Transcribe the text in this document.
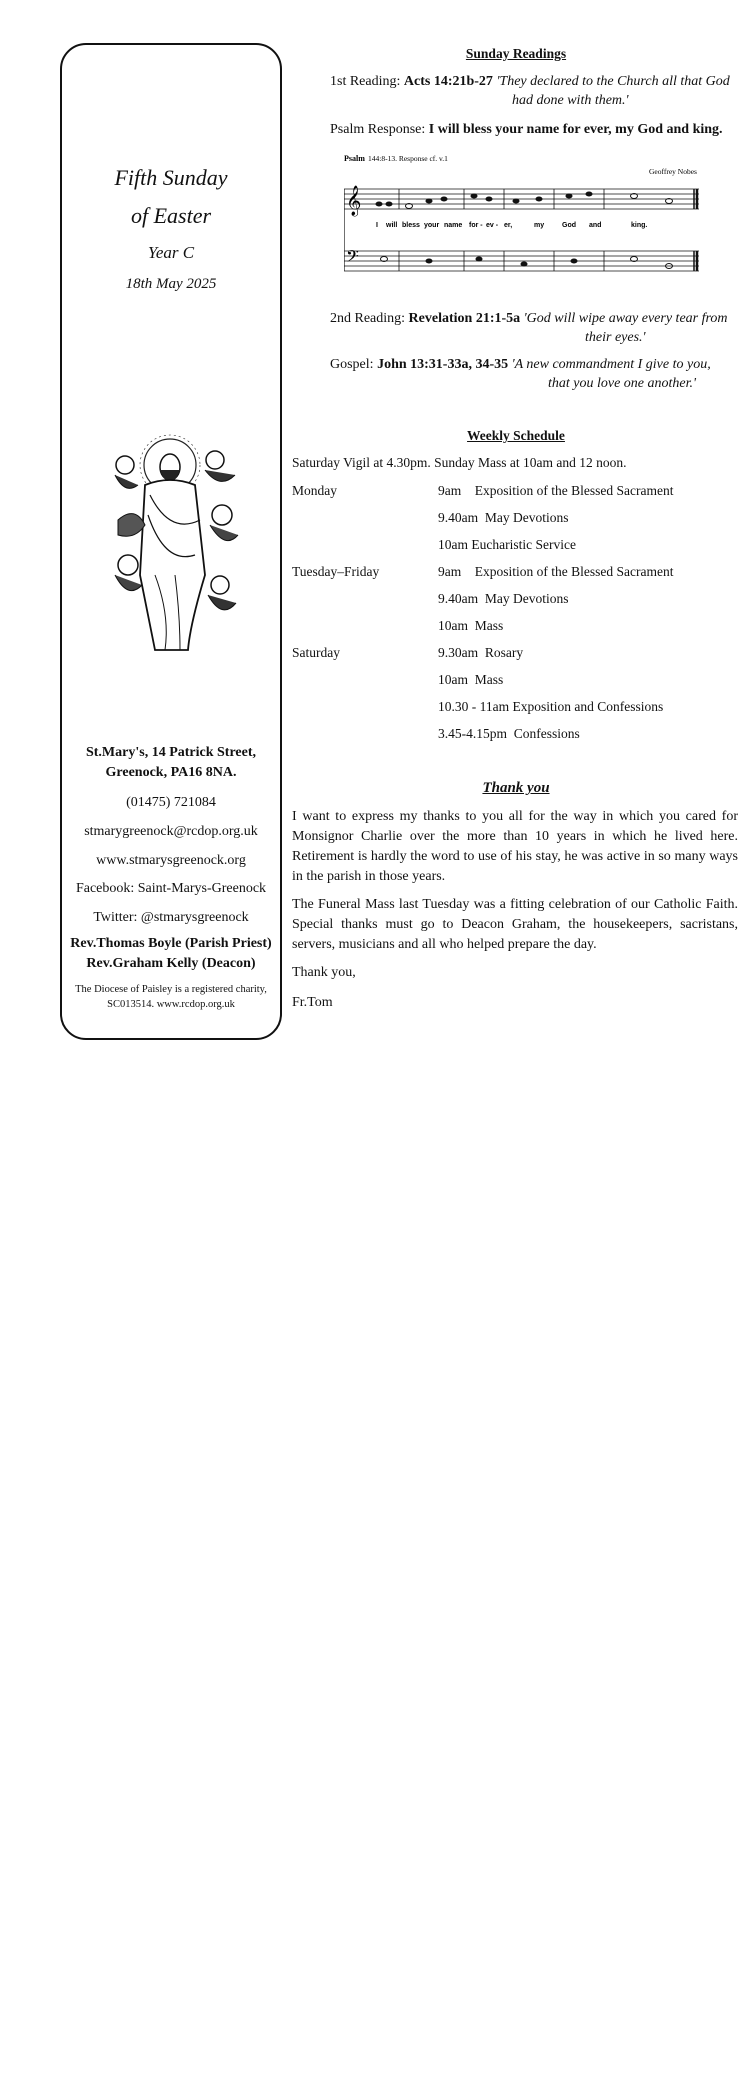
Fifth Sunday
of Easter
Year C
18th May 2025
St.Mary's, 14 Patrick Street,
Greenock, PA16 8NA.
(01475) 721084
stmarygreenock@rcdop.org.uk
www.stmarysgreenock.org
Facebook: Saint-Marys-Greenock
Twitter: @stmarysgreenock
Rev.Thomas Boyle (Parish Priest)
Rev.Graham Kelly (Deacon)
The Diocese of Paisley is a registered charity,
SC013514. www.rcdop.org.uk
Sunday Readings
1st Reading: Acts 14:21b-27 'They declared to the Church all that God
had done with them.'
Psalm Response: I will bless your name for ever, my God and king.
Psalm 144:8-13. Response cf. v.1
Geoffrey Nobes
𝄞
𝄢
I will bless your name for - ev - er,	my	God and	king.
2nd Reading: Revelation 21:1-5a 'God will wipe away every tear from
their eyes.'
Gospel: John 13:31-33a, 34-35 'A new commandment I give to you,
that you love one another.'
Weekly Schedule
Saturday Vigil at 4.30pm. Sunday Mass at 10am and 12 noon.
Monday	9am    Exposition of the Blessed Sacrament
9.40am  May Devotions
10am Eucharistic Service
Tuesday–Friday	9am    Exposition of the Blessed Sacrament
9.40am  May Devotions
10am  Mass
Saturday	9.30am  Rosary
10am  Mass
10.30 - 11am Exposition and Confessions
3.45-4.15pm  Confessions
Thank you
I want to express my thanks to you all for the way in which you cared for Monsignor Charlie over the more than 10 years in which he lived here. Retirement is hardly the word to use of his stay, he was active in so many ways in the parish in those years.
The Funeral Mass last Tuesday was a fitting celebration of our Catholic Faith. Special thanks must go to Deacon Graham, the housekeepers, sacristans, servers, musicians and all who helped prepare the day.
Thank you,
Fr.Tom
